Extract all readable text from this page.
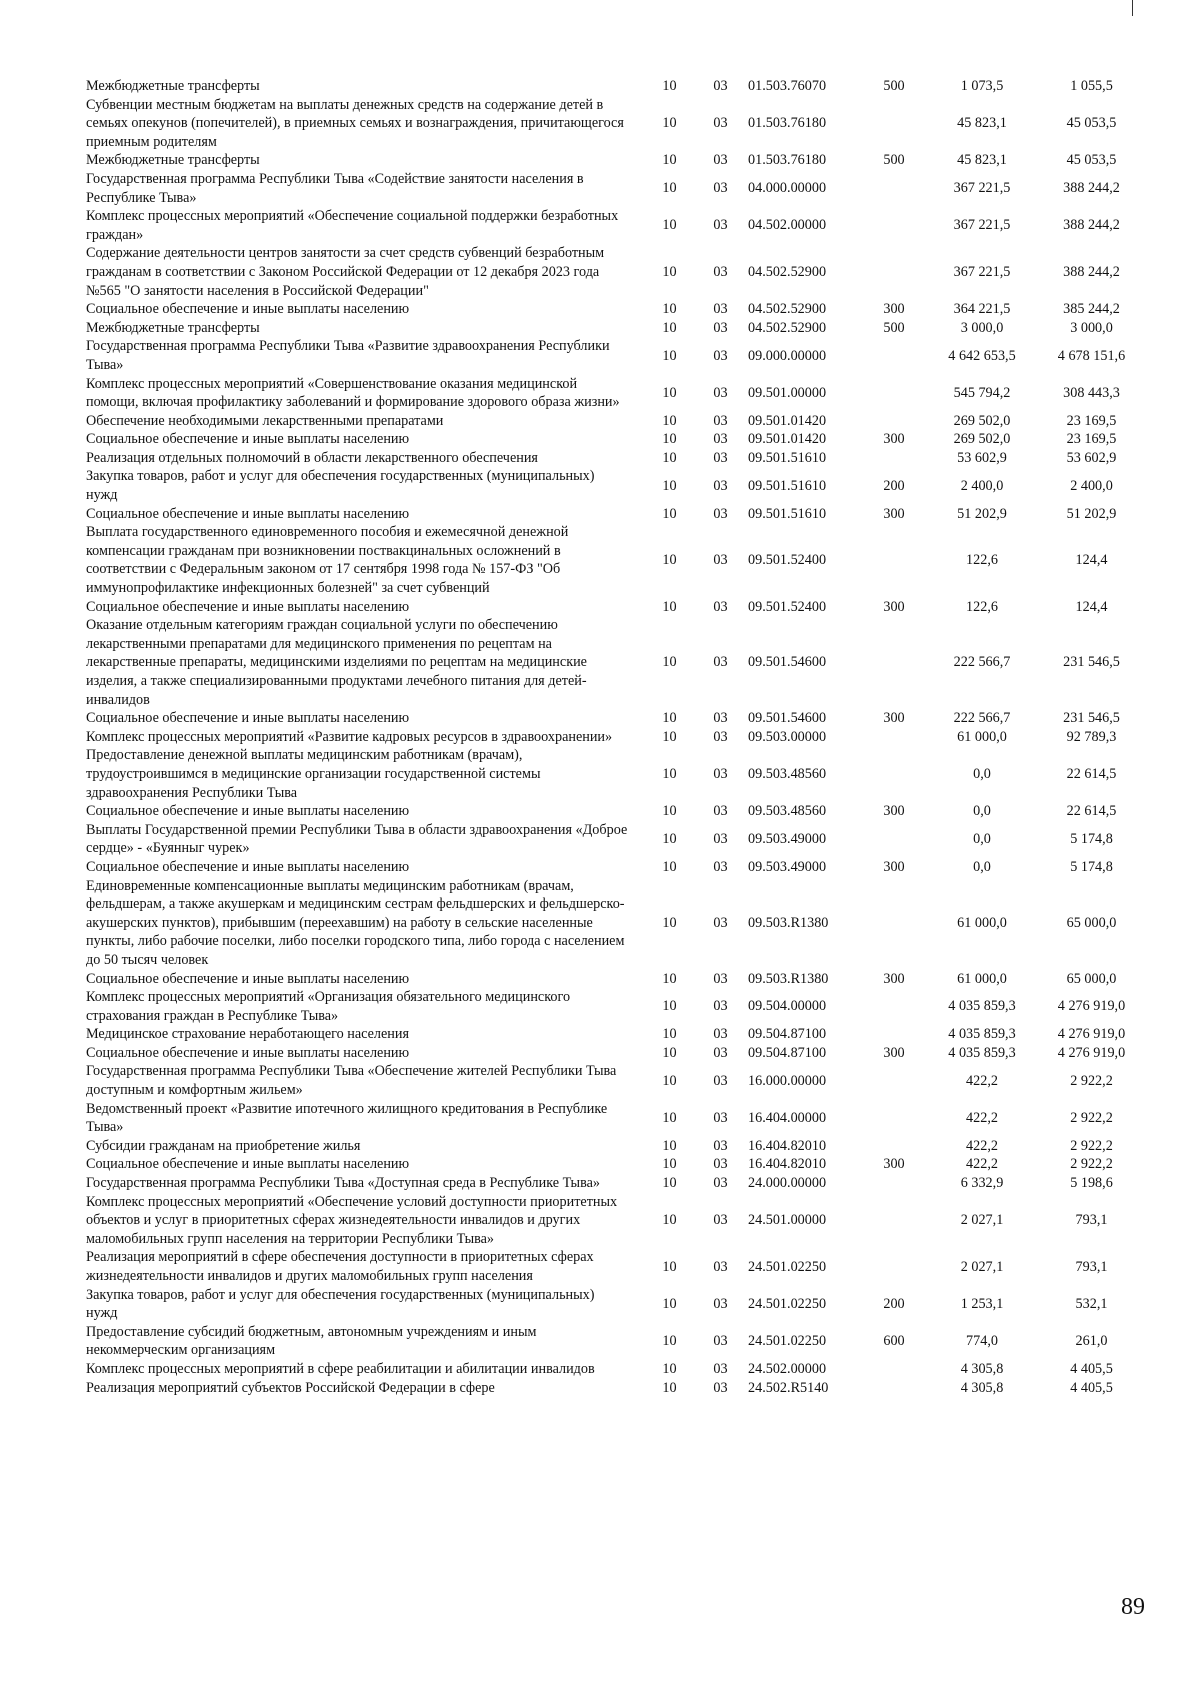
Межбюджетные трансферты	10	03	01.503.76070	500	1 073,5	1 055,5
Субвенции местным бюджетам на выплаты денежных средств на содержание детей в семьях опекунов (попечителей), в приемных семьях и вознаграждения, причитающегося приемным родителям	10	03	01.503.76180		45 823,1	45 053,5
Межбюджетные трансферты	10	03	01.503.76180	500	45 823,1	45 053,5
Государственная программа Республики Тыва «Содействие занятости населения в Республике Тыва»	10	03	04.000.00000		367 221,5	388 244,2
Комплекс процессных мероприятий «Обеспечение социальной поддержки безработных граждан»	10	03	04.502.00000		367 221,5	388 244,2
Содержание деятельности центров занятости за счет средств субвенций безработным гражданам в соответствии с Законом Российской Федерации от 12 декабря 2023 года №565 "О занятости населения в Российской Федерации"	10	03	04.502.52900		367 221,5	388 244,2
Социальное обеспечение и иные выплаты населению	10	03	04.502.52900	300	364 221,5	385 244,2
Межбюджетные трансферты	10	03	04.502.52900	500	3 000,0	3 000,0
Государственная программа Республики Тыва «Развитие здравоохранения Республики Тыва»	10	03	09.000.00000		4 642 653,5	4 678 151,6
Комплекс процессных мероприятий «Совершенствование оказания медицинской помощи, включая профилактику заболеваний и формирование здорового образа жизни»	10	03	09.501.00000		545 794,2	308 443,3
Обеспечение необходимыми лекарственными препаратами	10	03	09.501.01420		269 502,0	23 169,5
Социальное обеспечение и иные выплаты населению	10	03	09.501.01420	300	269 502,0	23 169,5
Реализация отдельных полномочий в области лекарственного обеспечения	10	03	09.501.51610		53 602,9	53 602,9
Закупка товаров, работ и услуг для обеспечения государственных (муниципальных) нужд	10	03	09.501.51610	200	2 400,0	2 400,0
Социальное обеспечение и иные выплаты населению	10	03	09.501.51610	300	51 202,9	51 202,9
Выплата государственного единовременного пособия и ежемесячной денежной компенсации гражданам при возникновении поствакцинальных осложнений в соответствии с Федеральным законом от 17 сентября 1998 года № 157-ФЗ "Об иммунопрофилактике инфекционных болезней" за счет субвенций	10	03	09.501.52400		122,6	124,4
Социальное обеспечение и иные выплаты населению	10	03	09.501.52400	300	122,6	124,4
Оказание отдельным категориям граждан социальной услуги по обеспечению лекарственными препаратами для медицинского применения по рецептам на лекарственные препараты, медицинскими изделиями по рецептам на медицинские изделия, а также специализированными продуктами лечебного питания для детей-инвалидов	10	03	09.501.54600		222 566,7	231 546,5
Социальное обеспечение и иные выплаты населению	10	03	09.501.54600	300	222 566,7	231 546,5
Комплекс процессных мероприятий «Развитие кадровых ресурсов в здравоохранении»	10	03	09.503.00000		61 000,0	92 789,3
Предоставление денежной выплаты медицинским работникам (врачам), трудоустроившимся в медицинские организации государственной системы здравоохранения Республики Тыва	10	03	09.503.48560		0,0	22 614,5
Социальное обеспечение и иные выплаты населению	10	03	09.503.48560	300	0,0	22 614,5
Выплаты Государственной премии Республики Тыва в области здравоохранения «Доброе сердце» - «Буянныг чурек»	10	03	09.503.49000		0,0	5 174,8
Социальное обеспечение и иные выплаты населению	10	03	09.503.49000	300	0,0	5 174,8
Единовременные компенсационные выплаты медицинским работникам (врачам, фельдшерам, а также акушеркам и медицинским сестрам фельдшерских и фельдшерско-акушерских пунктов), прибывшим (переехавшим) на работу в сельские населенные пункты, либо рабочие поселки, либо поселки городского типа, либо города с населением до 50 тысяч человек	10	03	09.503.R1380		61 000,0	65 000,0
Социальное обеспечение и иные выплаты населению	10	03	09.503.R1380	300	61 000,0	65 000,0
Комплекс процессных мероприятий «Организация обязательного медицинского страхования граждан в Республике Тыва»	10	03	09.504.00000		4 035 859,3	4 276 919,0
Медицинское страхование неработающего населения	10	03	09.504.87100		4 035 859,3	4 276 919,0
Социальное обеспечение и иные выплаты населению	10	03	09.504.87100	300	4 035 859,3	4 276 919,0
Государственная программа Республики Тыва «Обеспечение жителей Республики Тыва доступным и комфортным жильем»	10	03	16.000.00000		422,2	2 922,2
Ведомственный проект «Развитие ипотечного жилищного кредитования в Республике Тыва»	10	03	16.404.00000		422,2	2 922,2
Субсидии гражданам на приобретение жилья	10	03	16.404.82010		422,2	2 922,2
Социальное обеспечение и иные выплаты населению	10	03	16.404.82010	300	422,2	2 922,2
Государственная программа Республики Тыва «Доступная среда в Республике Тыва»	10	03	24.000.00000		6 332,9	5 198,6
Комплекс процессных мероприятий «Обеспечение условий доступности приоритетных объектов и услуг в приоритетных сферах жизнедеятельности инвалидов и других маломобильных групп населения на территории Республики Тыва»	10	03	24.501.00000		2 027,1	793,1
Реализация мероприятий в сфере обеспечения доступности в приоритетных сферах жизнедеятельности инвалидов и других маломобильных групп населения	10	03	24.501.02250		2 027,1	793,1
Закупка товаров, работ и услуг для обеспечения государственных (муниципальных) нужд	10	03	24.501.02250	200	1 253,1	532,1
Предоставление субсидий бюджетным, автономным учреждениям и иным некоммерческим организациям	10	03	24.501.02250	600	774,0	261,0
Комплекс процессных мероприятий в сфере реабилитации и абилитации инвалидов	10	03	24.502.00000		4 305,8	4 405,5
Реализация мероприятий субъектов Российской Федерации в сфере	10	03	24.502.R5140		4 305,8	4 405,5
89
